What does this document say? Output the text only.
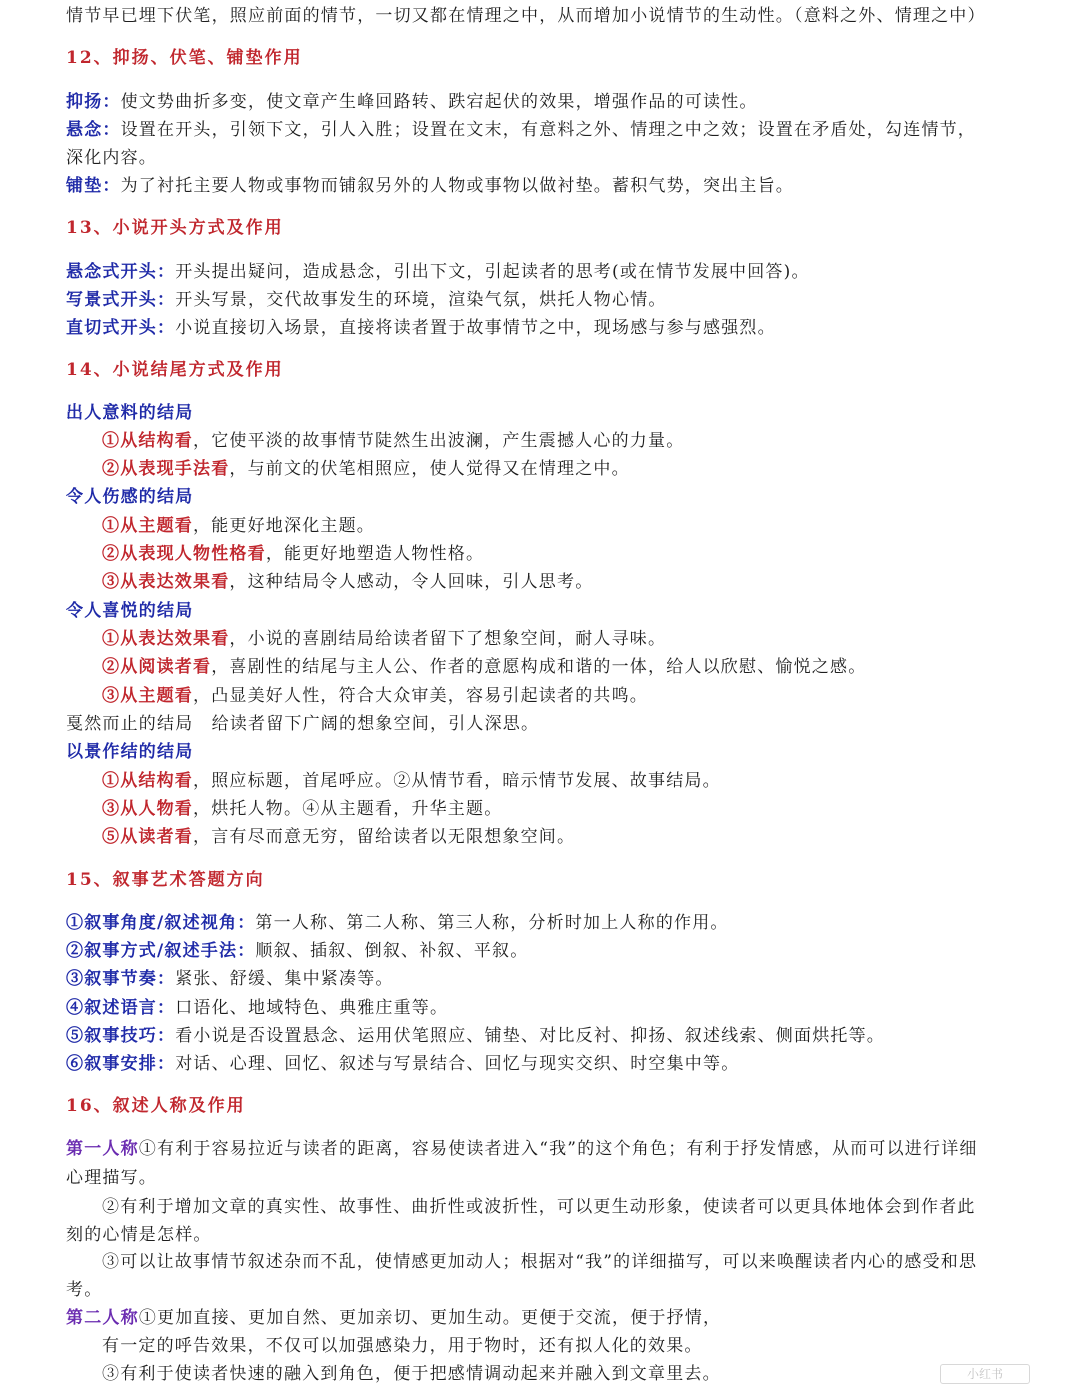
情节早已埋下伏笔，照应前面的情节，一切又都在情理之中，从而增加小说情节的生动性。（意料之外、情理之中）
12、抑扬、伏笔、铺垫作用
抑扬：使文势曲折多变，使文章产生峰回路转、跌宕起伏的效果，增强作品的可读性。
悬念：设置在开头，引领下文，引人入胜；设置在文末，有意料之外、情理之中之效；设置在矛盾处，勾连情节，
深化内容。
铺垫：为了衬托主要人物或事物而铺叙另外的人物或事物以做衬垫。蓄积气势，突出主旨。
13、小说开头方式及作用
悬念式开头：开头提出疑问，造成悬念，引出下文，引起读者的思考(或在情节发展中回答)。
写景式开头：开头写景，交代故事发生的环境，渲染气氛，烘托人物心情。
直切式开头：小说直接切入场景，直接将读者置于故事情节之中，现场感与参与感强烈。
14、小说结尾方式及作用
出人意料的结局
①从结构看，它使平淡的故事情节陡然生出波澜，产生震撼人心的力量。
②从表现手法看，与前文的伏笔相照应，使人觉得又在情理之中。
令人伤感的结局
①从主题看，能更好地深化主题。
②从表现人物性格看，能更好地塑造人物性格。
③从表达效果看，这种结局令人感动，令人回味，引人思考。
令人喜悦的结局
①从表达效果看，小说的喜剧结局给读者留下了想象空间，耐人寻味。
②从阅读者看，喜剧性的结尾与主人公、作者的意愿构成和谐的一体，给人以欣慰、愉悦之感。
③从主题看，凸显美好人性，符合大众审美，容易引起读者的共鸣。
戛然而止的结局　给读者留下广阔的想象空间，引人深思。
以景作结的结局
①从结构看，照应标题，首尾呼应。②从情节看，暗示情节发展、故事结局。
③从人物看，烘托人物。④从主题看，升华主题。
⑤从读者看，言有尽而意无穷，留给读者以无限想象空间。
15、叙事艺术答题方向
①叙事角度/叙述视角：第一人称、第二人称、第三人称，分析时加上人称的作用。
②叙事方式/叙述手法：顺叙、插叙、倒叙、补叙、平叙。
③叙事节奏：紧张、舒缓、集中紧凑等。
④叙述语言：口语化、地域特色、典雅庄重等。
⑤叙事技巧：看小说是否设置悬念、运用伏笔照应、铺垫、对比反衬、抑扬、叙述线索、侧面烘托等。
⑥叙事安排：对话、心理、回忆、叙述与写景结合、回忆与现实交织、时空集中等。
16、叙述人称及作用
第一人称①有利于容易拉近与读者的距离，容易使读者进入“我”的这个角色；有利于抒发情感，从而可以进行详细
心理描写。
②有利于增加文章的真实性、故事性、曲折性或波折性，可以更生动形象，使读者可以更具体地体会到作者此
刻的心情是怎样。
③可以让故事情节叙述杂而不乱，使情感更加动人；根据对“我”的详细描写，可以来唤醒读者内心的感受和思
考。
第二人称①更加直接、更加自然、更加亲切、更加生动。更便于交流，便于抒情，
有一定的呼告效果，不仅可以加强感染力，用于物时，还有拟人化的效果。
③有利于使读者快速的融入到角色，便于把感情调动起来并融入到文章里去。	小红书
